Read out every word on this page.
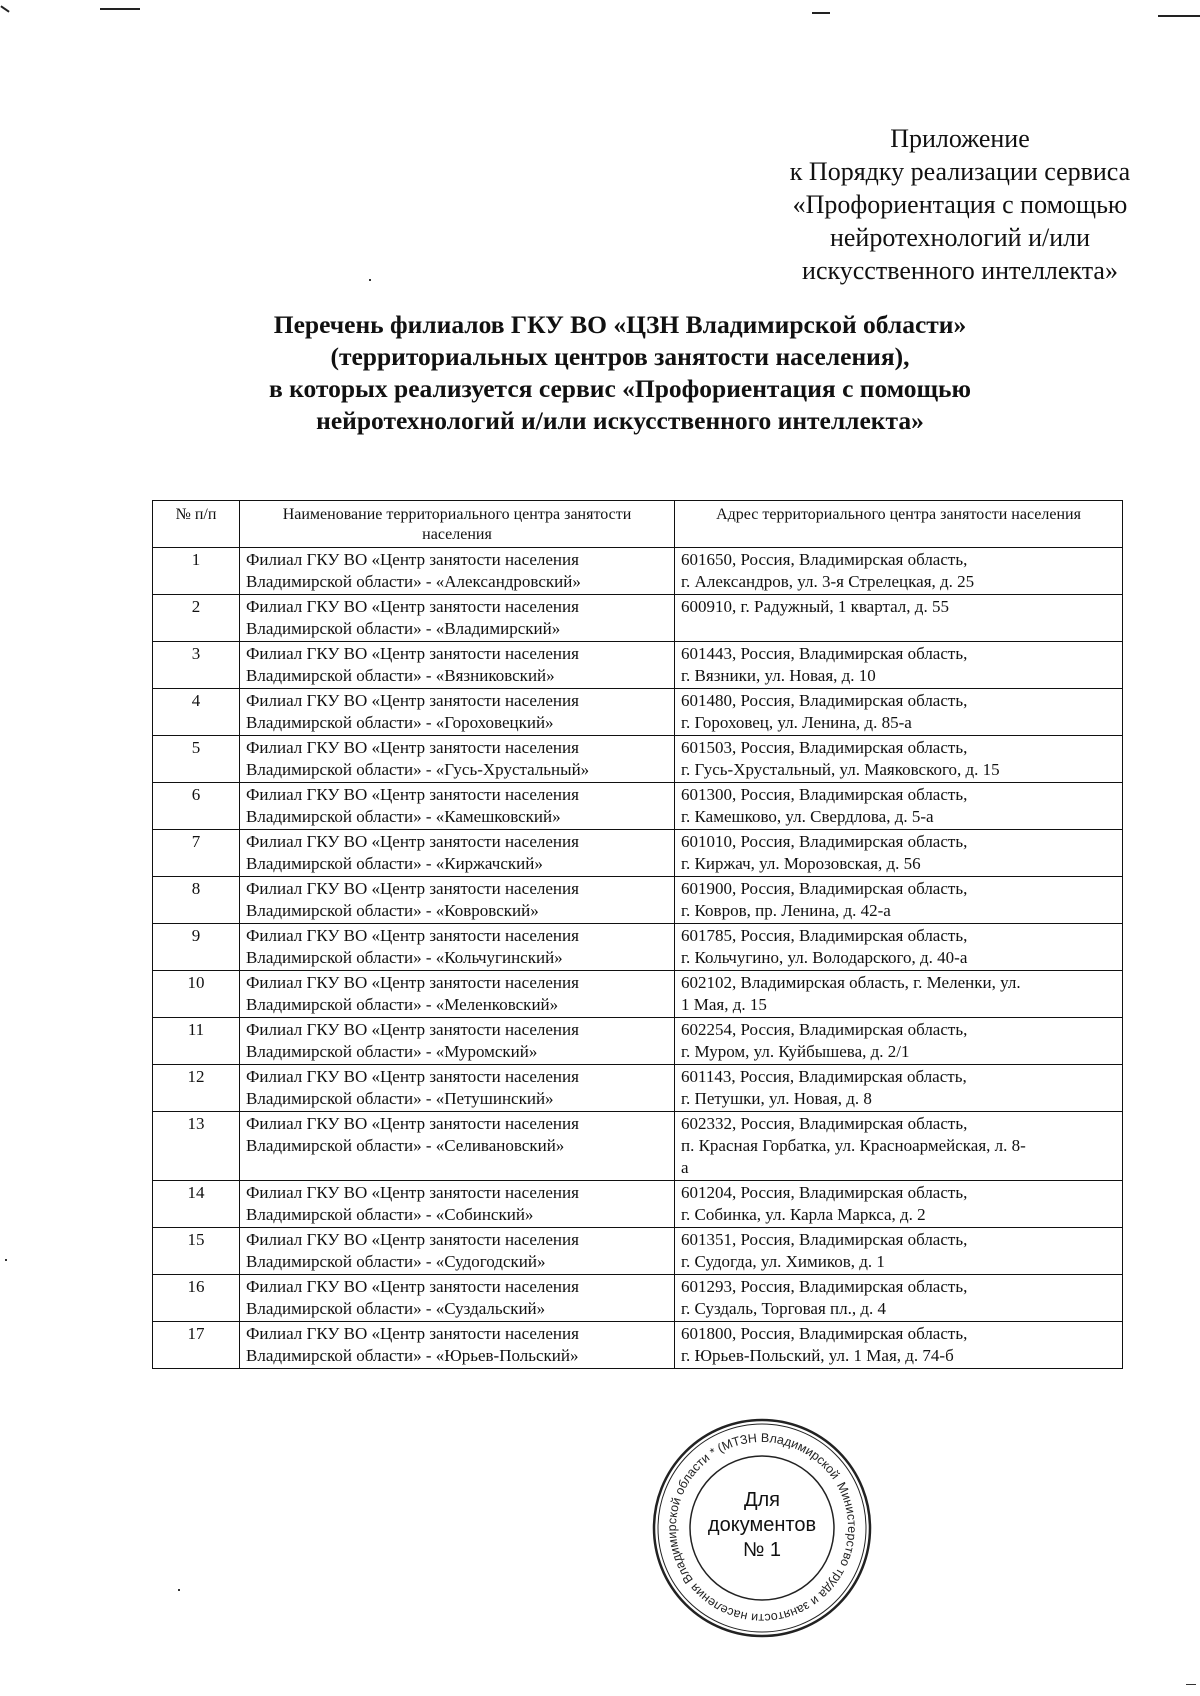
Приложение
к Порядку реализации сервиса
«Профориентация с помощью
нейротехнологий и/или
искусственного интеллекта»
Перечень филиалов ГКУ ВО «ЦЗН Владимирской области»
(территориальных центров занятости населения),
в которых реализуется сервис «Профориентация с помощью
нейротехнологий и/или искусственного интеллекта»
№ п/п	Наименование территориального центра занятости населения	Адрес территориального центра занятости населения

1	Филиал ГКУ ВО «Центр занятости населения
Владимирской области» - «Александровский»	601650, Россия, Владимирская область,
г. Александров, ул. 3-я Стрелецкая, д. 25

2	Филиал ГКУ ВО «Центр занятости населения
Владимирской области» - «Владимирский»	600910, г. Радужный, 1 квартал, д. 55

3	Филиал ГКУ ВО «Центр занятости населения
Владимирской области» - «Вязниковский»	601443, Россия, Владимирская область,
г. Вязники, ул. Новая, д. 10

4	Филиал ГКУ ВО «Центр занятости населения
Владимирской области» - «Гороховецкий»	601480, Россия, Владимирская область,
г. Гороховец, ул. Ленина, д. 85-а

5	Филиал ГКУ ВО «Центр занятости населения
Владимирской области» - «Гусь-Хрустальный»	601503, Россия, Владимирская область,
г. Гусь-Хрустальный, ул. Маяковского, д. 15

6	Филиал ГКУ ВО «Центр занятости населения
Владимирской области» - «Камешковский»	601300, Россия, Владимирская область,
г. Камешково, ул. Свердлова, д. 5-а

7	Филиал ГКУ ВО «Центр занятости населения
Владимирской области» - «Киржачский»	601010, Россия, Владимирская область,
г. Киржач, ул. Морозовская, д. 56

8	Филиал ГКУ ВО «Центр занятости населения
Владимирской области» - «Ковровский»	601900, Россия, Владимирская область,
г. Ковров, пр. Ленина, д. 42-а

9	Филиал ГКУ ВО «Центр занятости населения
Владимирской области» - «Кольчугинский»	601785, Россия, Владимирская область,
г. Кольчугино, ул. Володарского, д. 40-а

10	Филиал ГКУ ВО «Центр занятости населения
Владимирской области» - «Меленковский»	602102, Владимирская область, г. Меленки, ул.
1 Мая, д. 15

11	Филиал ГКУ ВО «Центр занятости населения
Владимирской области» - «Муромский»	602254, Россия, Владимирская область,
г. Муром, ул. Куйбышева, д. 2/1

12	Филиал ГКУ ВО «Центр занятости населения
Владимирской области» - «Петушинский»	601143, Россия, Владимирская область,
г. Петушки, ул. Новая, д. 8

13	Филиал ГКУ ВО «Центр занятости населения
Владимирской области» - «Селивановский»	602332, Россия, Владимирская область,
п. Красная Горбатка, ул. Красноармейская, л. 8-
а

14	Филиал ГКУ ВО «Центр занятости населения
Владимирской области» - «Собинский»	601204, Россия, Владимирская область,
г. Собинка, ул. Карла Маркса, д. 2

15	Филиал ГКУ ВО «Центр занятости населения
Владимирской области» - «Судогодский»	601351, Россия, Владимирская область,
г. Судогда, ул. Химиков, д. 1

16	Филиал ГКУ ВО «Центр занятости населения
Владимирской области» - «Суздальский»	601293, Россия, Владимирская область,
г. Суздаль, Торговая пл., д. 4

17	Филиал ГКУ ВО «Центр занятости населения
Владимирской области» - «Юрьев-Польский»	601800, Россия, Владимирская область,
г. Юрьев-Польский, ул. 1 Мая, д. 74-б
Министерство труда и занятости населения Владимирской области * (МТЗН Владимирской
Для
документов
№ 1
